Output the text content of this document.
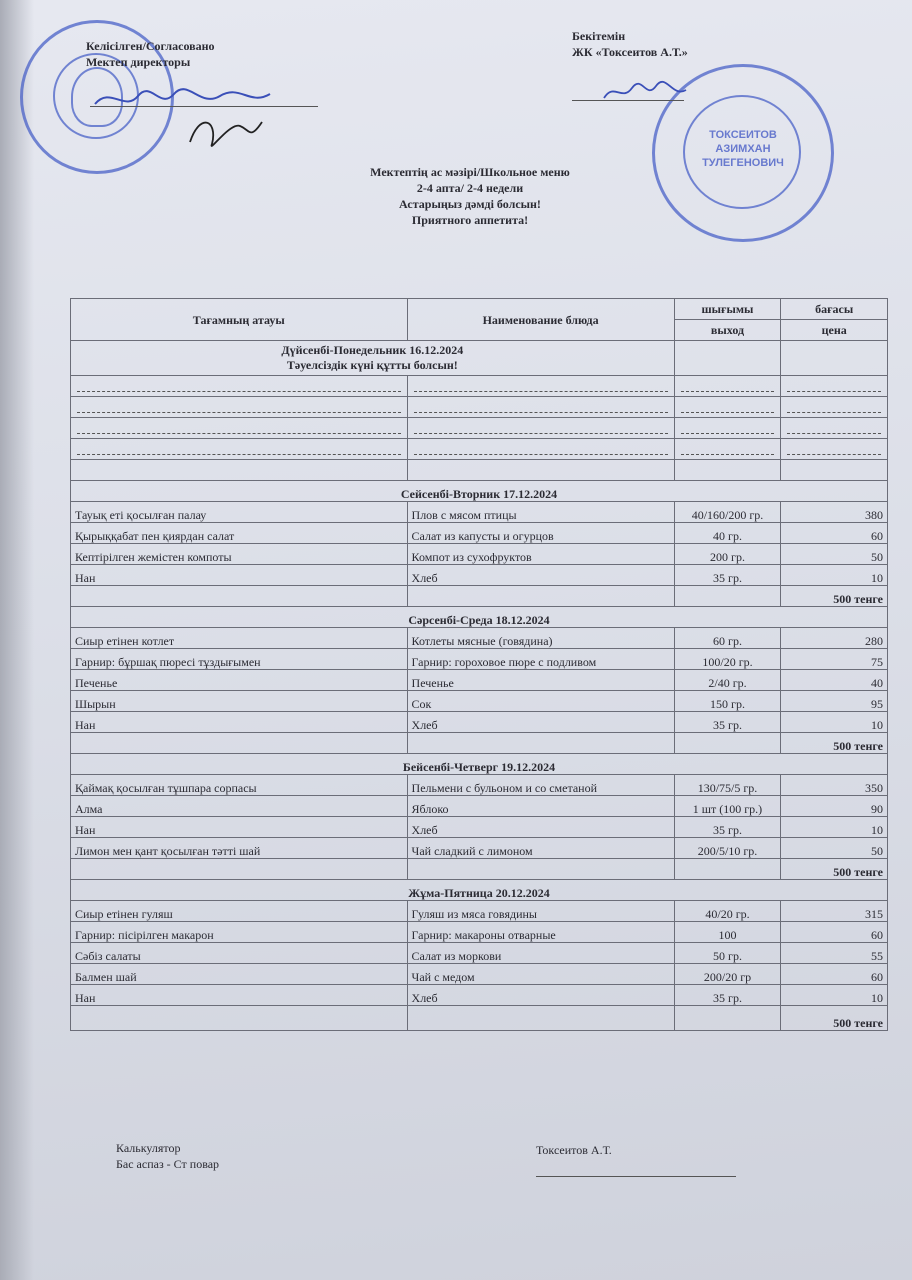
ТОКСЕИТОВ
АЗИМХАН
ТУЛЕГЕНОВИЧ
Келісілген/Согласовано
Мектеп директоры
Бекітемін
ЖК «Токсеитов А.Т.»
Мектептің ас мәзірі/Школьное меню
2-4 апта/ 2-4 недели
Астарыңыз дәмді болсын!
Приятного аппетита!
Тағамның атауы	Наименование блюда	шығымы	бағасы
		выход	цена

Дүйсенбі-Понедельник 16.12.2024
Тәуелсіздік күні құтты болсын!			

Сейсенбі-Вторник 17.12.2024			
Тауық еті қосылған палау	Плов с мясом птицы	40/160/200 гр.	380
Қырыққабат пен қиярдан салат	Салат из капусты и огурцов	40 гр.	60
Кептірілген жемістен компоты	Компот из сухофруктов	200 гр.	50
Нан	Хлеб	35 гр.	10
			500 тенге
Сәрсенбі-Среда 18.12.2024			
Сиыр етінен котлет	Котлеты мясные (говядина)	60 гр.	280
Гарнир: бұршақ пюресі тұздығымен	Гарнир: гороховое пюре с подливом	100/20 гр.	75
Печенье	Печенье	2/40 гр.	40
Шырын	Сок	150 гр.	95
Нан	Хлеб	35 гр.	10
			500 тенге
Бейсенбі-Четверг 19.12.2024			
Қаймақ қосылған тұшпара сорпасы	Пельмени с бульоном и со сметаной	130/75/5 гр.	350
Алма	Яблоко	1 шт (100 гр.)	90
Нан	Хлеб	35 гр.	10
Лимон мен қант қосылған тәтті шай	Чай сладкий с лимоном	200/5/10 гр.	50
			500 тенге
Жұма-Пятница 20.12.2024			
Сиыр етінен гуляш	Гуляш из мяса говядины	40/20 гр.	315
Гарнир: пісірілген макарон	Гарнир: макароны отварные	100	60
Сәбіз салаты	Салат из моркови	50 гр.	55
Балмен шай	Чай с медом	200/20 гр	60
Нан	Хлеб	35 гр.	10
			500 тенге
Калькулятор
Бас аспаз - Ст повар
Токсеитов А.Т.
